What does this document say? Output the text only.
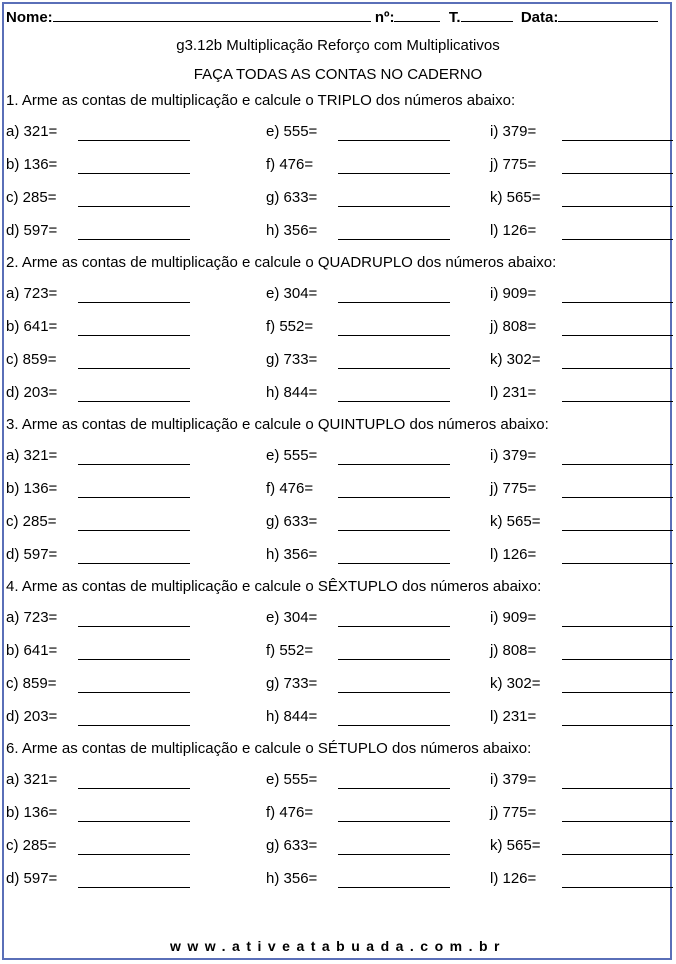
Nome:	nº:	T.	Data:
g3.12b Multiplicação Reforço com Multiplicativos
FAÇA TODAS AS CONTAS NO CADERNO
1. Arme as contas de multiplicação e calcule o TRIPLO dos números abaixo:
a) 321=
b) 136=
c) 285=
d) 597=
e) 555=
f) 476=
g) 633=
h) 356=
i) 379=
j) 775=
k) 565=
l) 126=
2. Arme as contas de multiplicação e calcule o QUADRUPLO dos números abaixo:
a) 723=
b) 641=
c) 859=
d) 203=
e) 304=
f) 552=
g) 733=
h) 844=
i) 909=
j) 808=
k) 302=
l) 231=
3. Arme as contas de multiplicação e calcule o QUINTUPLO dos números abaixo:
a) 321=
b) 136=
c) 285=
d) 597=
e) 555=
f) 476=
g) 633=
h) 356=
i) 379=
j) 775=
k) 565=
l) 126=
4. Arme as contas de multiplicação e calcule o SÊXTUPLO dos números abaixo:
a) 723=
b) 641=
c) 859=
d) 203=
e) 304=
f) 552=
g) 733=
h) 844=
i) 909=
j) 808=
k) 302=
l) 231=
6. Arme as contas de multiplicação e calcule o SÉTUPLO dos números abaixo:
a) 321=
b) 136=
c) 285=
d) 597=
e) 555=
f) 476=
g) 633=
h) 356=
i) 379=
j) 775=
k) 565=
l) 126=
www.ativeatabuada.com.br
